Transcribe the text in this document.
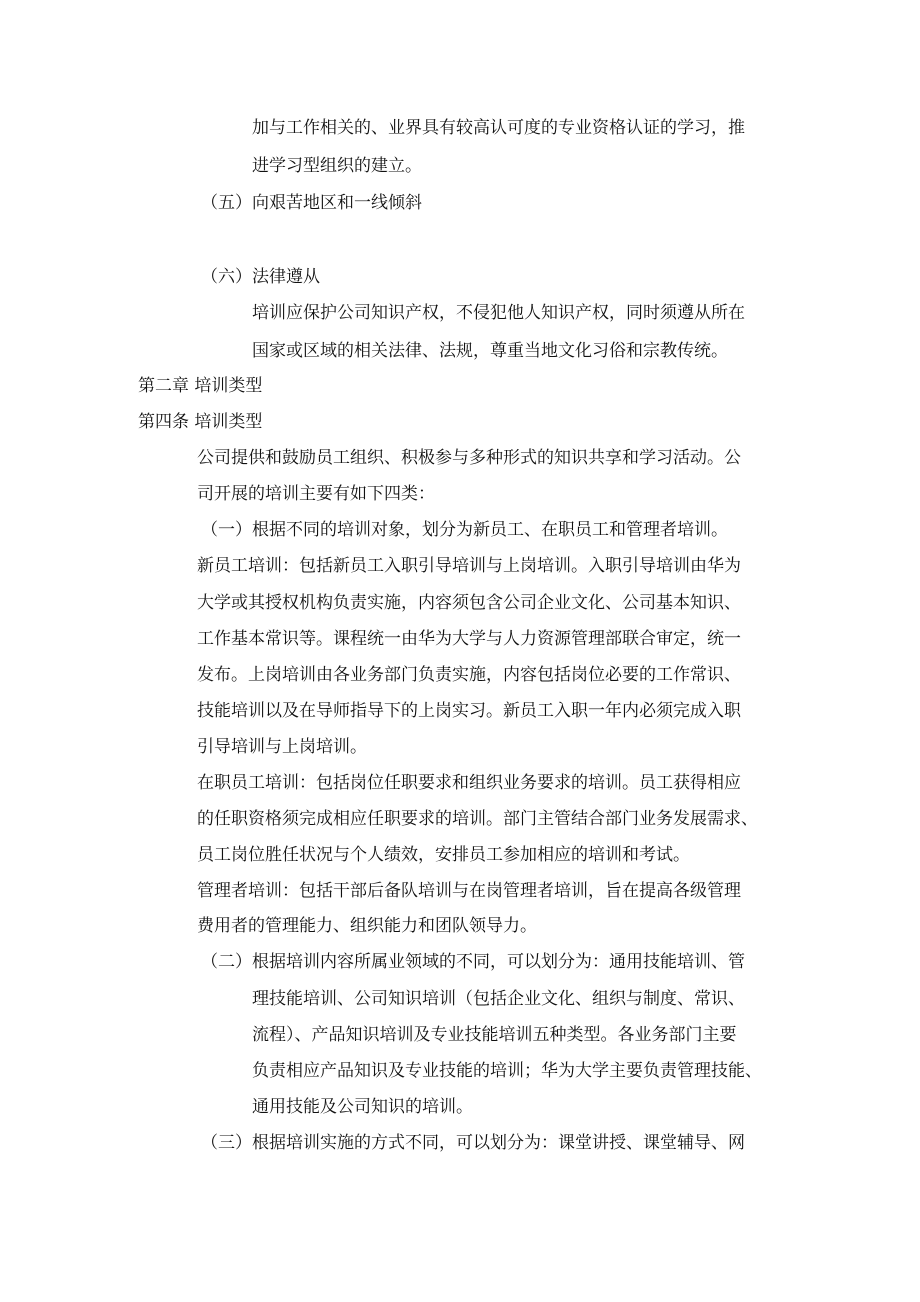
加与工作相关的、业界具有较高认可度的专业资格认证的学习，推

进学习型组织的建立。

（五）向艰苦地区和一线倾斜

（六）法律遵从

培训应保护公司知识产权，不侵犯他人知识产权，同时须遵从所在

国家或区域的相关法律、法规，尊重当地文化习俗和宗教传统。

第二章 培训类型

第四条 培训类型

公司提供和鼓励员工组织、积极参与多种形式的知识共享和学习活动。公

司开展的培训主要有如下四类：

（一）根据不同的培训对象，划分为新员工、在职员工和管理者培训。

新员工培训：包括新员工入职引导培训与上岗培训。入职引导培训由华为

大学或其授权机构负责实施，内容须包含公司企业文化、公司基本知识、

工作基本常识等。课程统一由华为大学与人力资源管理部联合审定，统一

发布。上岗培训由各业务部门负责实施，内容包括岗位必要的工作常识、

技能培训以及在导师指导下的上岗实习。新员工入职一年内必须完成入职

引导培训与上岗培训。

在职员工培训：包括岗位任职要求和组织业务要求的培训。员工获得相应

的任职资格须完成相应任职要求的培训。部门主管结合部门业务发展需求、

员工岗位胜任状况与个人绩效，安排员工参加相应的培训和考试。

管理者培训：包括干部后备队培训与在岗管理者培训，旨在提高各级管理

费用者的管理能力、组织能力和团队领导力。

（二）根据培训内容所属业领域的不同，可以划分为：通用技能培训、管

理技能培训、公司知识培训（包括企业文化、组织与制度、常识、

流程）、产品知识培训及专业技能培训五种类型。各业务部门主要

负责相应产品知识及专业技能的培训；华为大学主要负责管理技能、

通用技能及公司知识的培训。

（三）根据培训实施的方式不同，可以划分为：课堂讲授、课堂辅导、网
